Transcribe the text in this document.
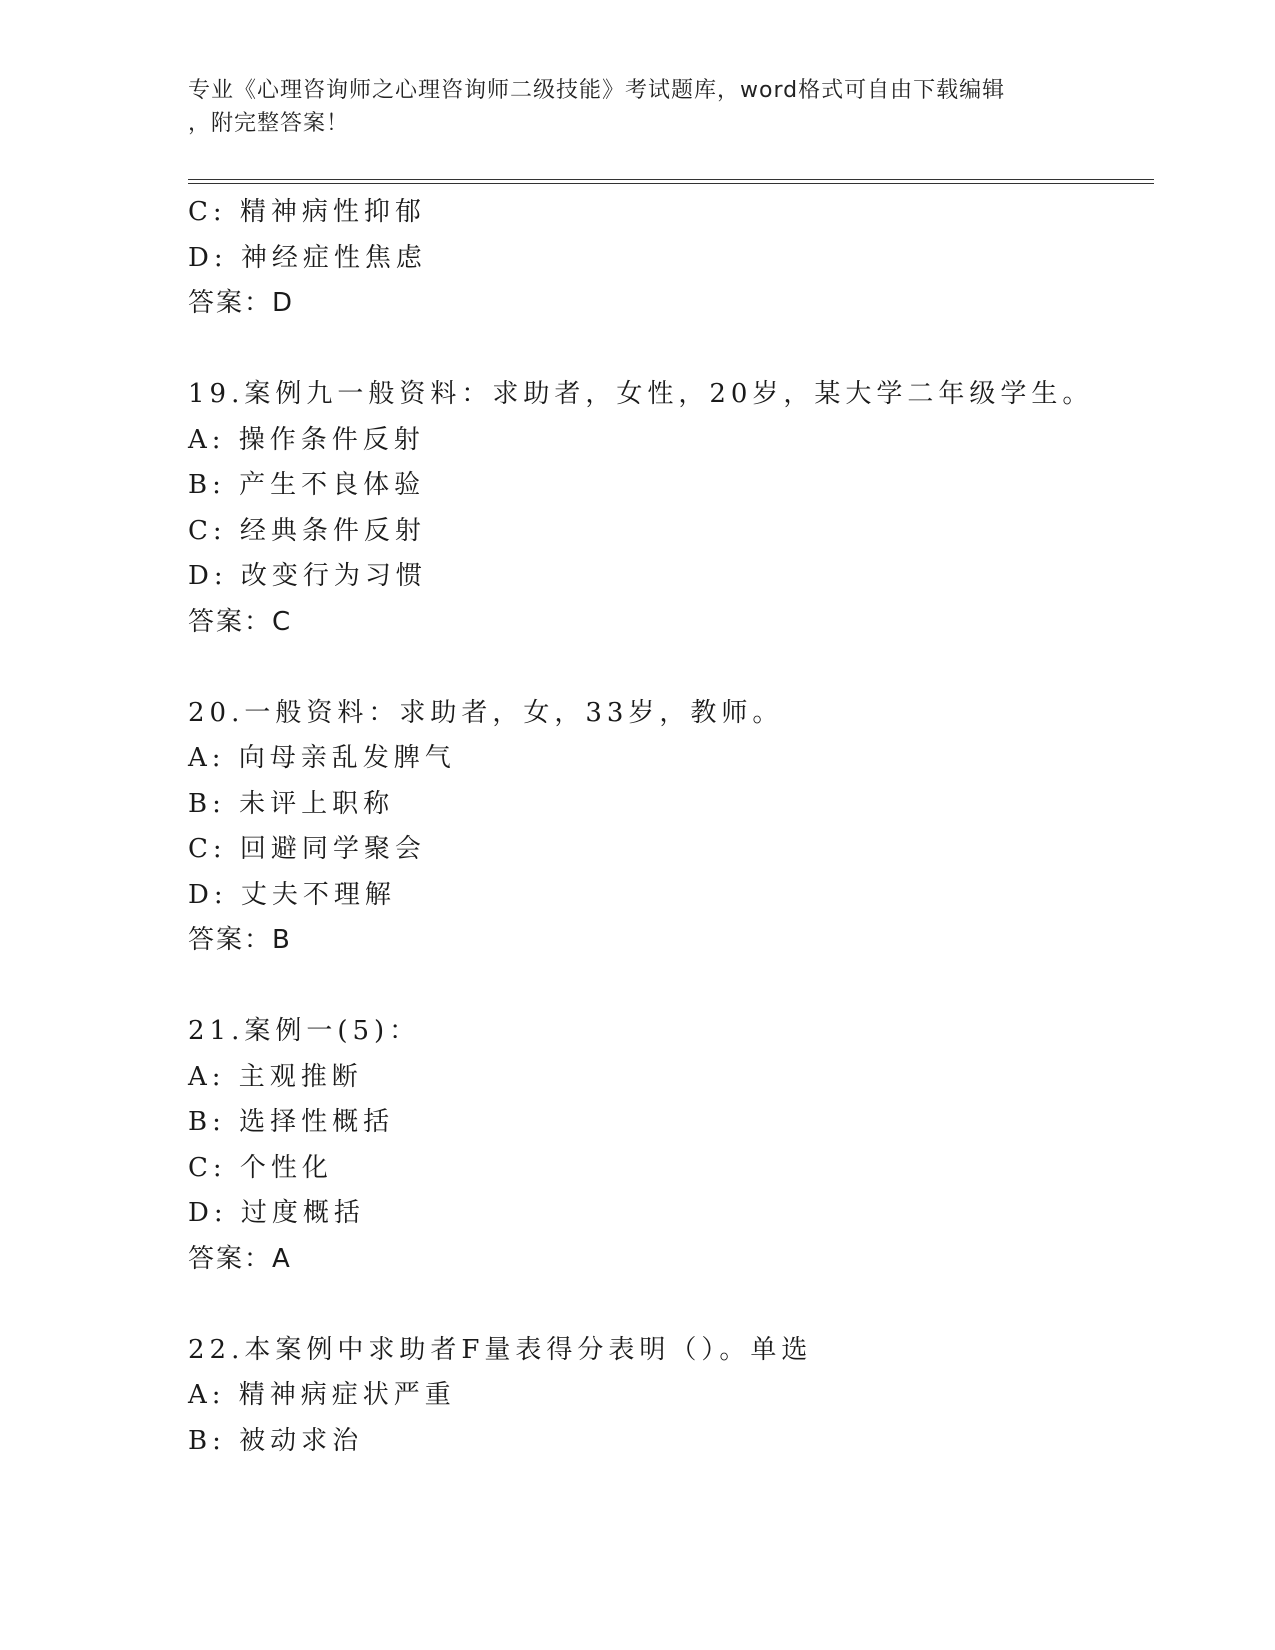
专业《心理咨询师之心理咨询师二级技能》考试题库，word格式可自由下载编辑
，附完整答案！
C: 精神病性抑郁
D: 神经症性焦虑
答案：D
19.案例九一般资料：求助者，女性，20岁，某大学二年级学生。
A: 操作条件反射
B: 产生不良体验
C: 经典条件反射
D: 改变行为习惯
答案：C
20.一般资料：求助者，女，33岁，教师。
A: 向母亲乱发脾气
B: 未评上职称
C: 回避同学聚会
D: 丈夫不理解
答案：B
21.案例一(5)：
A: 主观推断
B: 选择性概括
C: 个性化
D: 过度概括
答案：A
22.本案例中求助者F量表得分表明（）。单选
A: 精神病症状严重
B: 被动求治
